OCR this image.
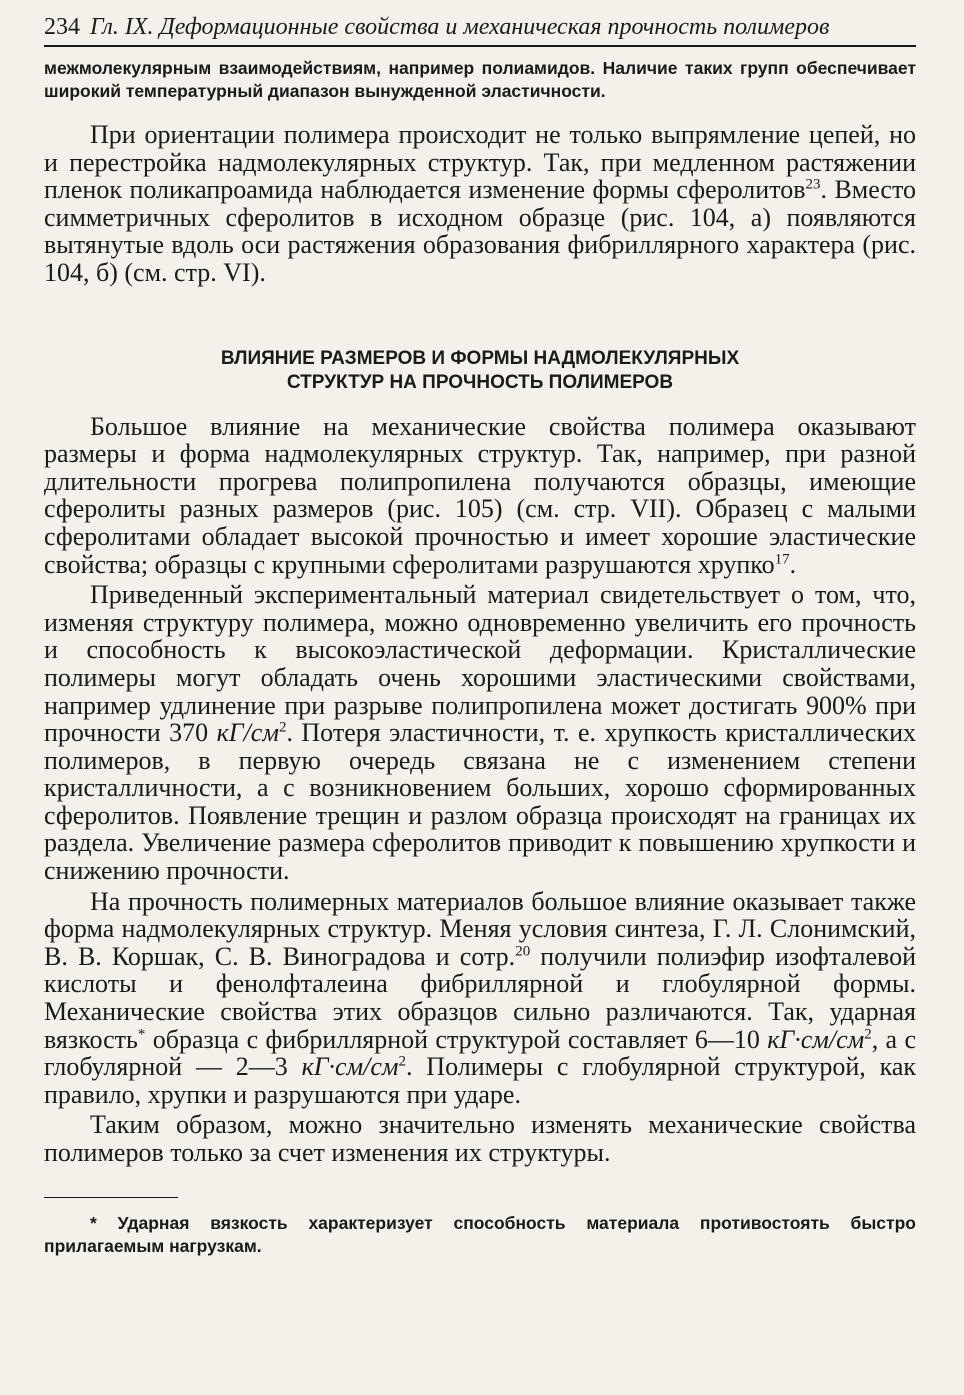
234 Гл. IX. Деформационные свойства и механическая прочность полимеров
межмолекулярным взаимодействиям, например полиамидов. Наличие таких групп обеспечивает широкий температурный диапазон вынужденной эластичности.

При ориентации полимера происходит не только выпрямление цепей, но и перестройка надмолекулярных структур. Так, при медленном растяжении пленок поликапроамида наблюдается изменение формы сферолитов$^{23}$. Вместо симметричных сферолитов в исходном образце (рис. 104, а) появляются вытянутые вдоль оси растяжения образования фибриллярного характера (рис. 104, б) (см. стр. VI).

ВЛИЯНИЕ РАЗМЕРОВ И ФОРМЫ НАДМОЛЕКУЛЯРНЫХ
СТРУКТУР НА ПРОЧНОСТЬ ПОЛИМЕРОВ

Большое влияние на механические свойства полимера оказывают размеры и форма надмолекулярных структур. Так, например, при разной длительности прогрева полипропилена получаются образцы, имеющие сферолиты разных размеров (рис. 105) (см. стр. VII). Образец с малыми сферолитами обладает высокой прочностью и имеет хорошие эластические свойства; образцы с крупными сферолитами разрушаются хрупко$^{17}$.

Приведенный экспериментальный материал свидетельствует о том, что, изменяя структуру полимера, можно одновременно увеличить его прочность и способность к высокоэластической деформации. Кристаллические полимеры могут обладать очень хорошими эластическими свойствами, например удлинение при разрыве полипропилена может достигать 900% при прочности 370 $кГ/см^2$. Потеря эластичности, т. е. хрупкость кристаллических полимеров, в первую очередь связана не с изменением степени кристалличности, а с возникновением больших, хорошо сформированных сферолитов. Появление трещин и разлом образца происходят на границах их раздела. Увеличение размера сферолитов приводит к повышению хрупкости и снижению прочности.

На прочность полимерных материалов большое влияние оказывает также форма надмолекулярных структур. Меняя условия синтеза, Г. Л. Слонимский, В. В. Коршак, С. В. Виноградова и сотр.$^{20}$ получили полиэфир изофталевой кислоты и фенолфталеина фибриллярной и глобулярной формы. Механические свойства этих образцов сильно различаются. Так, ударная вязкость* образца с фибриллярной структурой составляет 6—10 $кГ\cdot см/см^2$, а с глобулярной — 2—3 $кГ\cdot см/см^2$. Полимеры с глобулярной структурой, как правило, хрупки и разрушаются при ударе.

Таким образом, можно значительно изменять механические свойства полимеров только за счет изменения их структуры.

* Ударная вязкость характеризует способность материала противостоять быстро прилагаемым нагрузкам.
